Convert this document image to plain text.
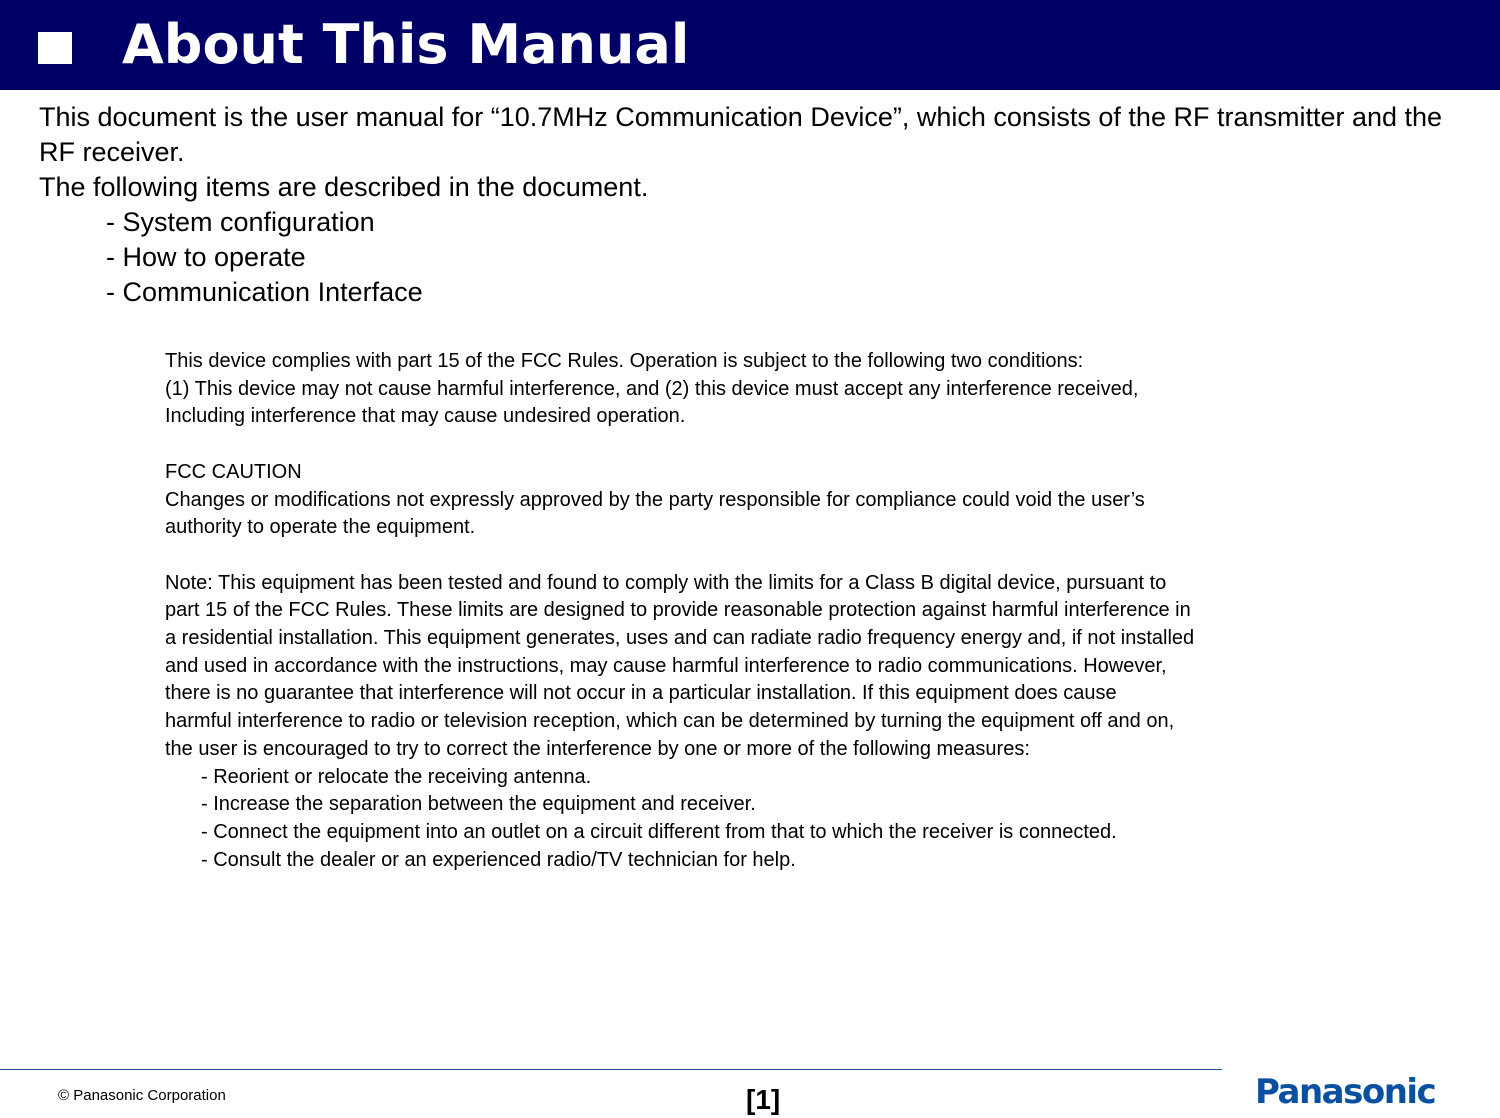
About This Manual

This document is the user manual for “10.7MHz Communication Device”, which consists of the RF transmitter and the RF receiver.

The following items are described in the document.

- System configuration

- How to operate

- Communication Interface

This device complies with part 15 of the FCC Rules. Operation is subject to the following two conditions:

(1) This device may not cause harmful interference, and (2) this device must accept any interference received,

Including interference that may cause undesired operation.

FCC CAUTION

Changes or modifications not expressly approved by the party responsible for compliance could void the user’s

authority to operate the equipment.

Note: This equipment has been tested and found to comply with the limits for a Class B digital device, pursuant to

part 15 of the FCC Rules. These limits are designed to provide reasonable protection against harmful interference in

a residential installation. This equipment generates, uses and can radiate radio frequency energy and, if not installed

and used in accordance with the instructions, may cause harmful interference to radio communications. However,

there is no guarantee that interference will not occur in a particular installation. If this equipment does cause

harmful interference to radio or television reception, which can be determined by turning the equipment off and on,

the user is encouraged to try to correct the interference by one or more of the following measures:

- Reorient or relocate the receiving antenna.

- Increase the separation between the equipment and receiver.

- Connect the equipment into an outlet on a circuit different from that to which the receiver is connected.

- Consult the dealer or an experienced radio/TV technician for help.

© Panasonic Corporation	[1]	Panasonic
